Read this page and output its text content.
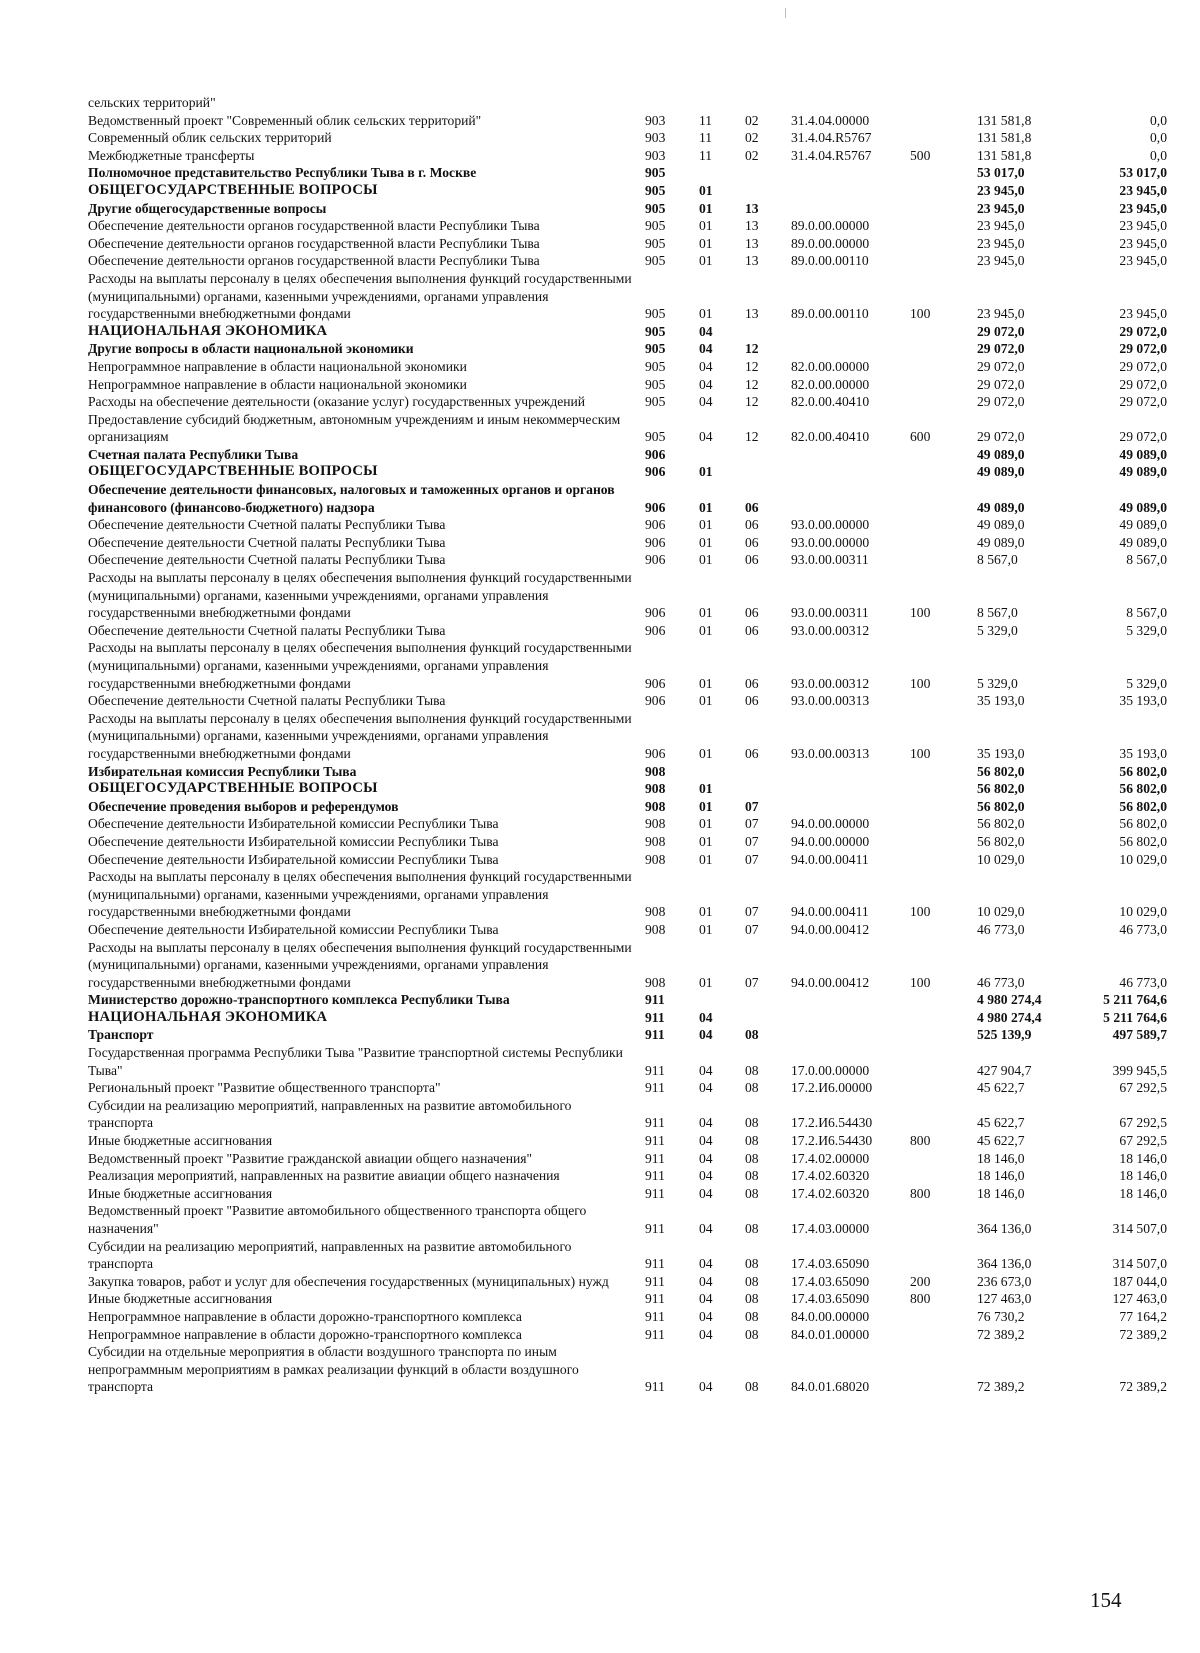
сельских территорий"							
Ведомственный проект "Современный облик сельских территорий"	903	11	02	31.4.04.00000		131 581,8	0,0
Современный облик сельских территорий	903	11	02	31.4.04.R5767		131 581,8	0,0
Межбюджетные трансферты	903	11	02	31.4.04.R5767	500	131 581,8	0,0
Полномочное представительство Республики Тыва в г. Москве	905					53 017,0	53 017,0
ОБЩЕГОСУДАРСТВЕННЫЕ ВОПРОСЫ	905	01				23 945,0	23 945,0
Другие общегосударственные вопросы	905	01	13			23 945,0	23 945,0
Обеспечение деятельности органов государственной власти Республики Тыва	905	01	13	89.0.00.00000		23 945,0	23 945,0
Обеспечение деятельности органов государственной власти Республики Тыва	905	01	13	89.0.00.00000		23 945,0	23 945,0
Обеспечение деятельности органов государственной власти Республики Тыва	905	01	13	89.0.00.00110		23 945,0	23 945,0
Расходы на выплаты персоналу в целях обеспечения выполнения функций государственными (муниципальными) органами, казенными учреждениями, органами управления государственными внебюджетными фондами	905	01	13	89.0.00.00110	100	23 945,0	23 945,0
НАЦИОНАЛЬНАЯ ЭКОНОМИКА	905	04				29 072,0	29 072,0
Другие вопросы в области национальной экономики	905	04	12			29 072,0	29 072,0
Непрограммное направление в области национальной экономики	905	04	12	82.0.00.00000		29 072,0	29 072,0
Непрограммное направление в области национальной экономики	905	04	12	82.0.00.00000		29 072,0	29 072,0
Расходы на обеспечение деятельности (оказание услуг) государственных учреждений	905	04	12	82.0.00.40410		29 072,0	29 072,0
Предоставление субсидий бюджетным, автономным учреждениям и иным некоммерческим организациям	905	04	12	82.0.00.40410	600	29 072,0	29 072,0
Счетная палата Республики Тыва	906					49 089,0	49 089,0
ОБЩЕГОСУДАРСТВЕННЫЕ ВОПРОСЫ	906	01				49 089,0	49 089,0
Обеспечение деятельности финансовых, налоговых и таможенных органов и органов финансового (финансово-бюджетного) надзора	906	01	06			49 089,0	49 089,0
Обеспечение деятельности Счетной палаты Республики Тыва	906	01	06	93.0.00.00000		49 089,0	49 089,0
Обеспечение деятельности Счетной палаты Республики Тыва	906	01	06	93.0.00.00000		49 089,0	49 089,0
Обеспечение деятельности Счетной палаты Республики Тыва	906	01	06	93.0.00.00311		8 567,0	8 567,0
Расходы на выплаты персоналу в целях обеспечения выполнения функций государственными (муниципальными) органами, казенными учреждениями, органами управления государственными внебюджетными фондами	906	01	06	93.0.00.00311	100	8 567,0	8 567,0
Обеспечение деятельности Счетной палаты Республики Тыва	906	01	06	93.0.00.00312		5 329,0	5 329,0
Расходы на выплаты персоналу в целях обеспечения выполнения функций государственными (муниципальными) органами, казенными учреждениями, органами управления государственными внебюджетными фондами	906	01	06	93.0.00.00312	100	5 329,0	5 329,0
Обеспечение деятельности Счетной палаты Республики Тыва	906	01	06	93.0.00.00313		35 193,0	35 193,0
Расходы на выплаты персоналу в целях обеспечения выполнения функций государственными (муниципальными) органами, казенными учреждениями, органами управления государственными внебюджетными фондами	906	01	06	93.0.00.00313	100	35 193,0	35 193,0
Избирательная комиссия Республики Тыва	908					56 802,0	56 802,0
ОБЩЕГОСУДАРСТВЕННЫЕ ВОПРОСЫ	908	01				56 802,0	56 802,0
Обеспечение проведения выборов и референдумов	908	01	07			56 802,0	56 802,0
Обеспечение деятельности Избирательной комиссии Республики Тыва	908	01	07	94.0.00.00000		56 802,0	56 802,0
Обеспечение деятельности Избирательной комиссии Республики Тыва	908	01	07	94.0.00.00000		56 802,0	56 802,0
Обеспечение деятельности Избирательной комиссии Республики Тыва	908	01	07	94.0.00.00411		10 029,0	10 029,0
Расходы на выплаты персоналу в целях обеспечения выполнения функций государственными (муниципальными) органами, казенными учреждениями, органами управления государственными внебюджетными фондами	908	01	07	94.0.00.00411	100	10 029,0	10 029,0
Обеспечение деятельности Избирательной комиссии Республики Тыва	908	01	07	94.0.00.00412		46 773,0	46 773,0
Расходы на выплаты персоналу в целях обеспечения выполнения функций государственными (муниципальными) органами, казенными учреждениями, органами управления государственными внебюджетными фондами	908	01	07	94.0.00.00412	100	46 773,0	46 773,0
Министерство дорожно-транспортного комплекса Республики Тыва	911					4 980 274,4	5 211 764,6
НАЦИОНАЛЬНАЯ ЭКОНОМИКА	911	04				4 980 274,4	5 211 764,6
Транспорт	911	04	08			525 139,9	497 589,7
Государственная программа Республики Тыва "Развитие транспортной системы Республики Тыва"	911	04	08	17.0.00.00000		427 904,7	399 945,5
Региональный проект "Развитие общественного транспорта"	911	04	08	17.2.И6.00000		45 622,7	67 292,5
Субсидии на реализацию мероприятий, направленных на развитие автомобильного транспорта	911	04	08	17.2.И6.54430		45 622,7	67 292,5
Иные бюджетные ассигнования	911	04	08	17.2.И6.54430	800	45 622,7	67 292,5
Ведомственный проект "Развитие гражданской авиации общего назначения"	911	04	08	17.4.02.00000		18 146,0	18 146,0
Реализация мероприятий, направленных на развитие авиации общего назначения	911	04	08	17.4.02.60320		18 146,0	18 146,0
Иные бюджетные ассигнования	911	04	08	17.4.02.60320	800	18 146,0	18 146,0
Ведомственный проект "Развитие автомобильного общественного транспорта общего назначения"	911	04	08	17.4.03.00000		364 136,0	314 507,0
Субсидии на реализацию мероприятий, направленных на развитие автомобильного транспорта	911	04	08	17.4.03.65090		364 136,0	314 507,0
Закупка товаров, работ и услуг для обеспечения государственных (муниципальных) нужд	911	04	08	17.4.03.65090	200	236 673,0	187 044,0
Иные бюджетные ассигнования	911	04	08	17.4.03.65090	800	127 463,0	127 463,0
Непрограммное направление в области дорожно-транспортного комплекса	911	04	08	84.0.00.00000		76 730,2	77 164,2
Непрограммное направление в области дорожно-транспортного комплекса	911	04	08	84.0.01.00000		72 389,2	72 389,2
Субсидии на отдельные мероприятия в области воздушного транспорта по иным непрограммным мероприятиям в рамках реализации функций в области воздушного транспорта	911	04	08	84.0.01.68020		72 389,2	72 389,2
154
